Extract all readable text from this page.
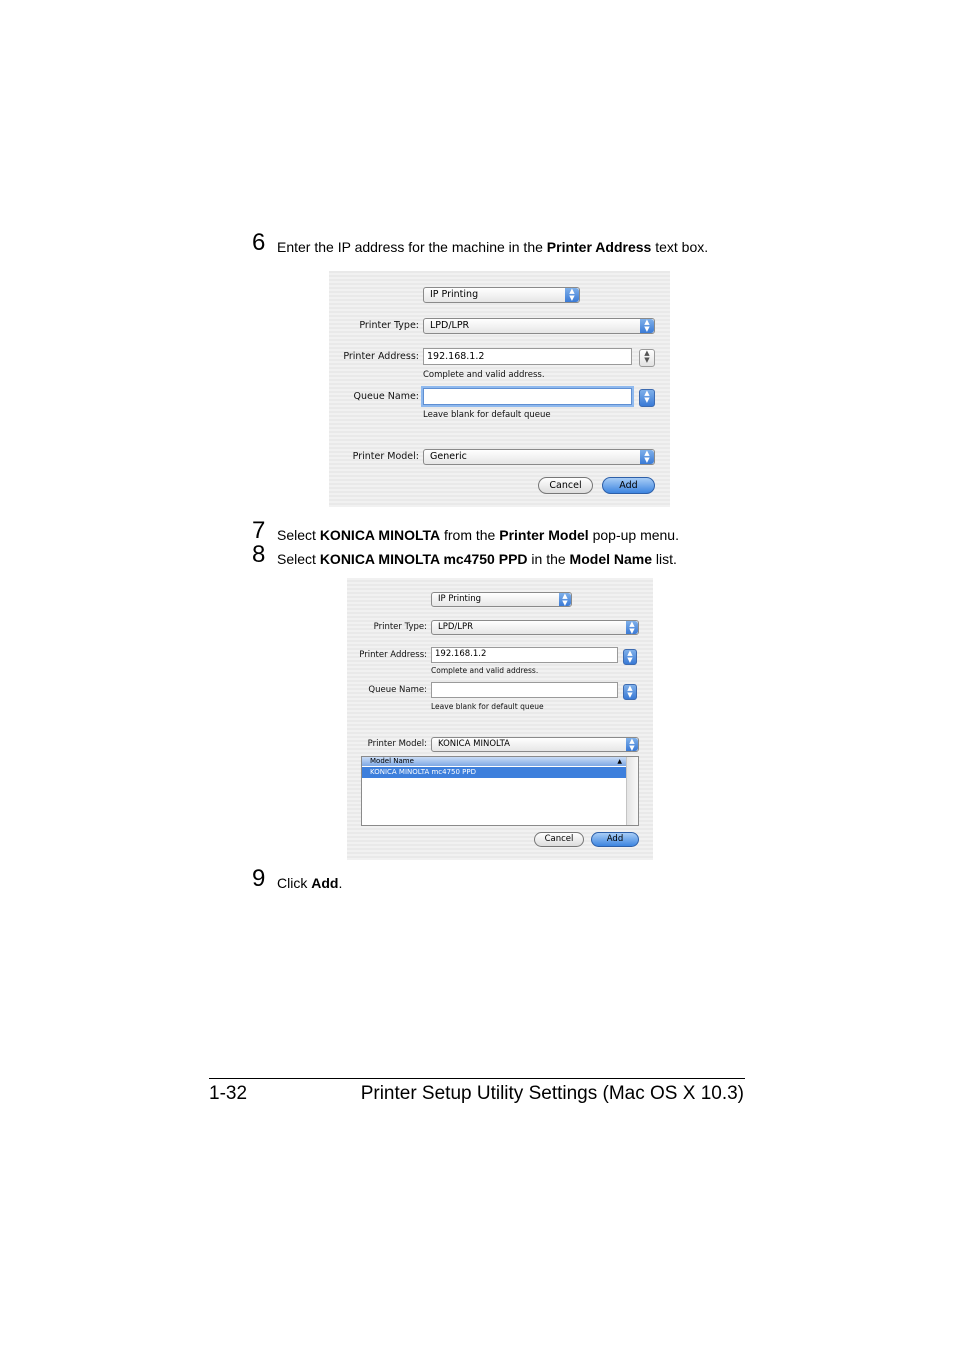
6 Enter the IP address for the machine in the Printer Address text box.
IP Printing	▲
▼
Printer Type: LPD/LPR	▲
▼
Printer Address: 192.168.1.2	▲
▼
Complete and valid address.
Queue Name:	▲
▼
Leave blank for default queue
Printer Model: Generic	▲
▼
Cancel	Add
7 Select KONICA MINOLTA from the Printer Model pop-up menu.
8 Select KONICA MINOLTA mc4750 PPD in the Model Name list.
IP Printing	▲
▼
Printer Type: LPD/LPR	▲
▼
Printer Address: 192.168.1.2	▲
▼
Complete and valid address.
Queue Name:	▲
▼
Leave blank for default queue
Printer Model: KONICA MINOLTA	▲
▼
Model Name	▲
KONICA MINOLTA mc4750 PPD
Cancel	Add
9 Click Add.
1-32	Printer Setup Utility Settings (Mac OS X 10.3)
